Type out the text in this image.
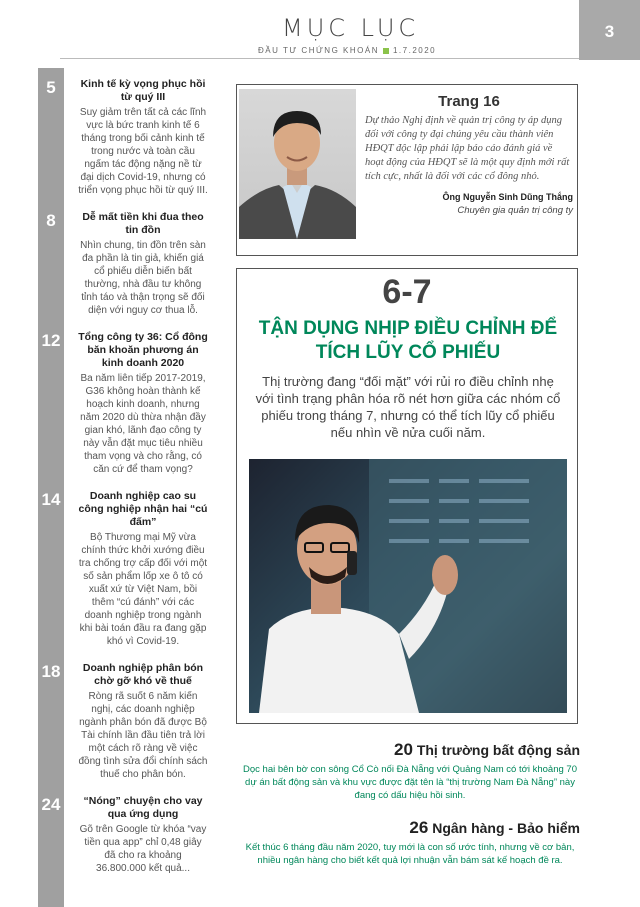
MỤC LỤC
ĐẦU TƯ CHỨNG KHOÁN 1.7.2020
3
5	Kinh tế kỳ vọng phục hồi từ quý III
Suy giảm trên tất cả các lĩnh vực là bức tranh kinh tế 6 tháng trong bối cảnh kinh tế trong nước và toàn cầu ngấm tác động nặng nề từ đại dịch Covid-19, nhưng có triển vọng phục hồi từ quý III.
8	Dễ mất tiền khi đua theo tin đồn
Nhìn chung, tin đồn trên sàn đa phần là tin giả, khiến giá cổ phiếu diễn biến bất thường, nhà đầu tư không tỉnh táo và thận trọng sẽ đối diện với nguy cơ thua lỗ.
12	Tổng công ty 36: Cổ đông băn khoăn phương án kinh doanh 2020
Ba năm liên tiếp 2017-2019, G36 không hoàn thành kế hoạch kinh doanh, nhưng năm 2020 dù thừa nhận đầy gian khó, lãnh đạo công ty này vẫn đặt mục tiêu nhiều tham vọng và cho rằng, có căn cứ để tham vọng?
14	Doanh nghiệp cao su công nghiệp nhận hai “cú đấm”
Bộ Thương mại Mỹ vừa chính thức khởi xướng điều tra chống trợ cấp đối với một số sản phẩm lốp xe ô tô có xuất xứ từ Việt Nam, bồi thêm “cú đánh” với các doanh nghiệp trong ngành khi bài toán đầu ra đang gặp khó vì Covid-19.
18	Doanh nghiệp phân bón chờ gỡ khó về thuế
Ròng rã suốt 6 năm kiến nghị, các doanh nghiệp ngành phân bón đã được Bộ Tài chính lần đầu tiên trả lời một cách rõ ràng về việc đồng tình sửa đổi chính sách thuế cho phân bón.
24	“Nóng” chuyện cho vay qua ứng dụng
Gõ trên Google từ khóa “vay tiền qua app” chỉ 0,48 giây đã cho ra khoảng 36.800.000 kết quả...
Trang 16
Dự thảo Nghị định về quản trị công ty áp dụng đối với công ty đại chúng yêu cầu thành viên HĐQT độc lập phải lập báo cáo đánh giá về hoạt động của HĐQT sẽ là một quy định mới rất tích cực, nhất là đối với các cổ đông nhỏ.
Ông Nguyễn Sinh Dũng Thắng
Chuyên gia quản trị công ty
6-7
TẬN DỤNG NHỊP ĐIỀU CHỈNH ĐỂ TÍCH LŨY CỔ PHIẾU
Thị trường đang “đối mặt” với rủi ro điều chỉnh nhẹ với tình trạng phân hóa rõ nét hơn giữa các nhóm cổ phiếu trong tháng 7, nhưng có thể tích lũy cổ phiếu nếu nhìn về nửa cuối năm.
20 Thị trường bất động sản
Dọc hai bên bờ con sông Cổ Cò nối Đà Nẵng với Quảng Nam có tới khoảng 70 dự án bất động sản và khu vực được đặt tên là “thị trường Nam Đà Nẵng” này đang có dấu hiệu hồi sinh.
26 Ngân hàng - Bảo hiểm
Kết thúc 6 tháng đầu năm 2020, tuy mới là con số ước tính, nhưng về cơ bản, nhiều ngân hàng cho biết kết quả lợi nhuận vẫn bám sát kế hoạch đề ra.
